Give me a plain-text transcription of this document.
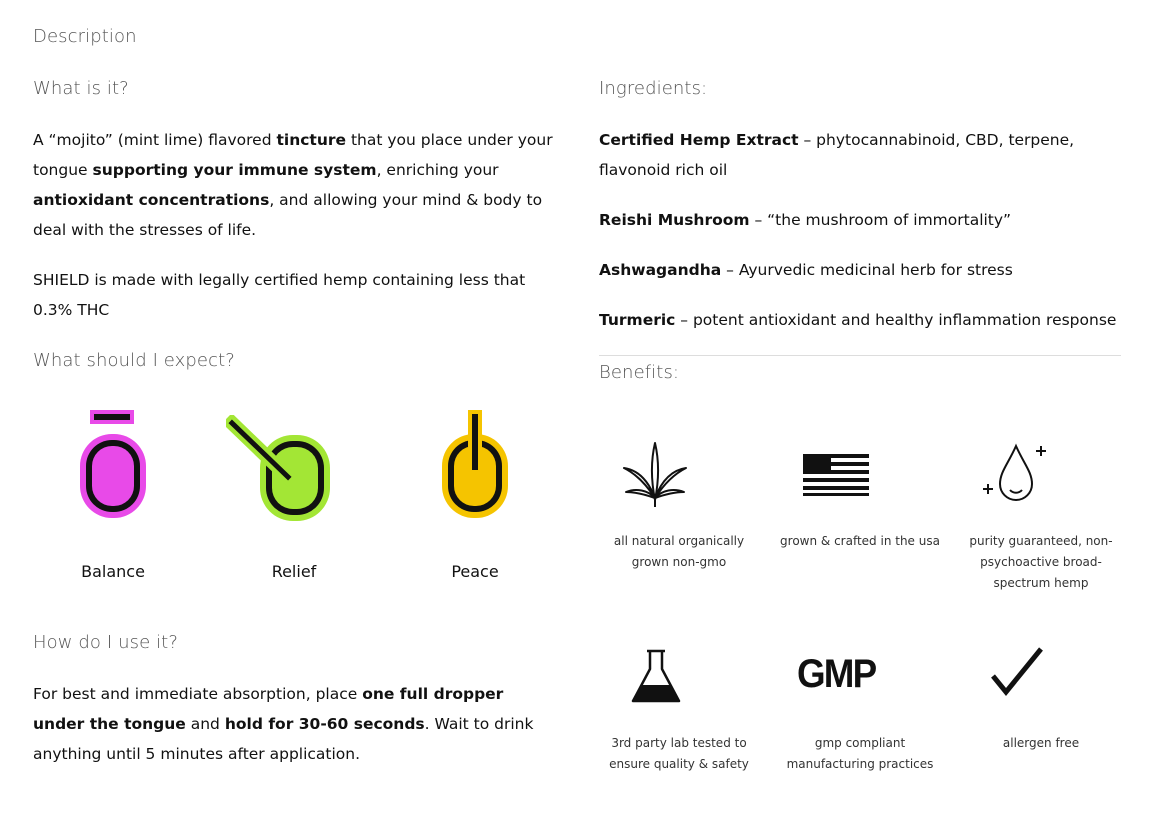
Description
What is it?
A “mojito” (mint lime) flavored tincture that you place under your tongue supporting your immune system, enriching your antioxidant concentrations, and allowing your mind & body to deal with the stresses of life.
SHIELD is made with legally certified hemp containing less that 0.3% THC
What should I expect?
Balance	Relief	Peace
How do I use it?
For best and immediate absorption, place one full dropper under the tongue and hold for 30-60 seconds. Wait to drink anything until 5 minutes after application.
Ingredients:
Certified Hemp Extract – phytocannabinoid, CBD, terpene, flavonoid rich oil
Reishi Mushroom – “the mushroom of immortality”
Ashwagandha – Ayurvedic medicinal herb for stress
Turmeric – potent antioxidant and healthy inflammation response
Benefits:
all natural organically grown non-gmo
grown & crafted in the usa	purity guaranteed, non-psychoactive broad-spectrum hemp
GMP
3rd party lab tested to ensure quality & safety
gmp compliant manufacturing practices
allergen free
